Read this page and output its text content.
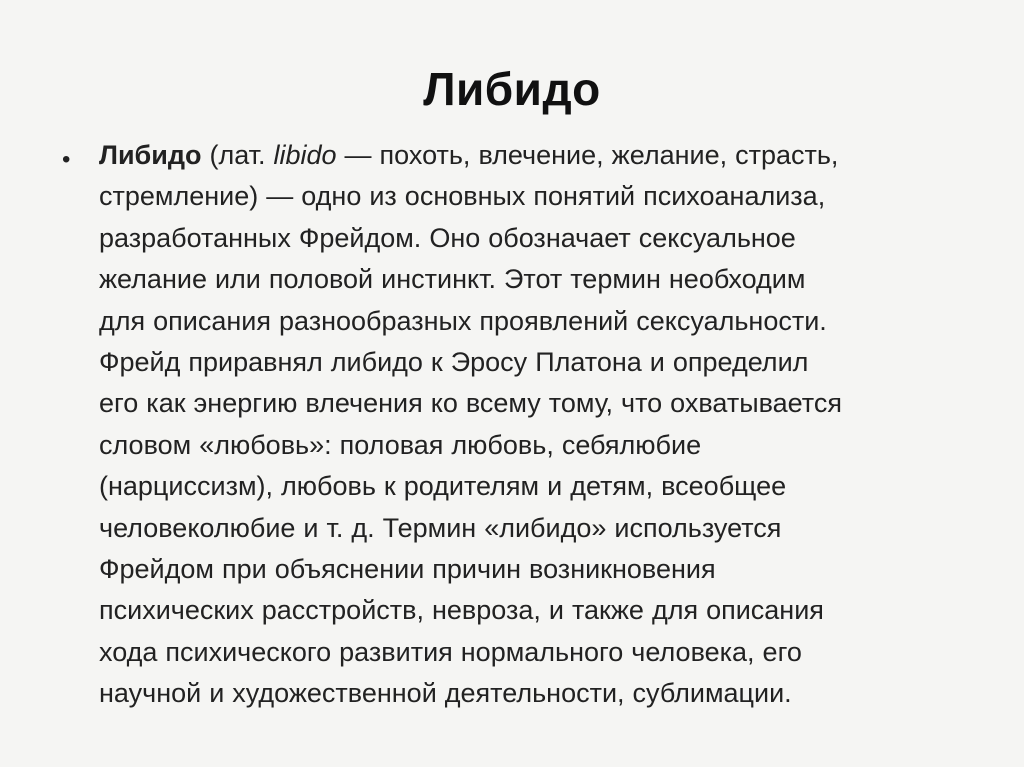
Либидо
• Либидо (лат. libido — похоть, влечение, желание, страсть,
стремление) — одно из основных понятий психоанализа,
разработанных Фрейдом. Оно обозначает сексуальное
желание или половой инстинкт. Этот термин необходим
для описания разнообразных проявлений сексуальности.
Фрейд приравнял либидо к Эросу Платона и определил
его как энергию влечения ко всему тому, что охватывается
словом «любовь»: половая любовь, себялюбие
(нарциссизм), любовь к родителям и детям, всеобщее
человеколюбие и т. д. Термин «либидо» используется
Фрейдом при объяснении причин возникновения
психических расстройств, невроза, и также для описания
хода психического развития нормального человека, его
научной и художественной деятельности, сублимации.
